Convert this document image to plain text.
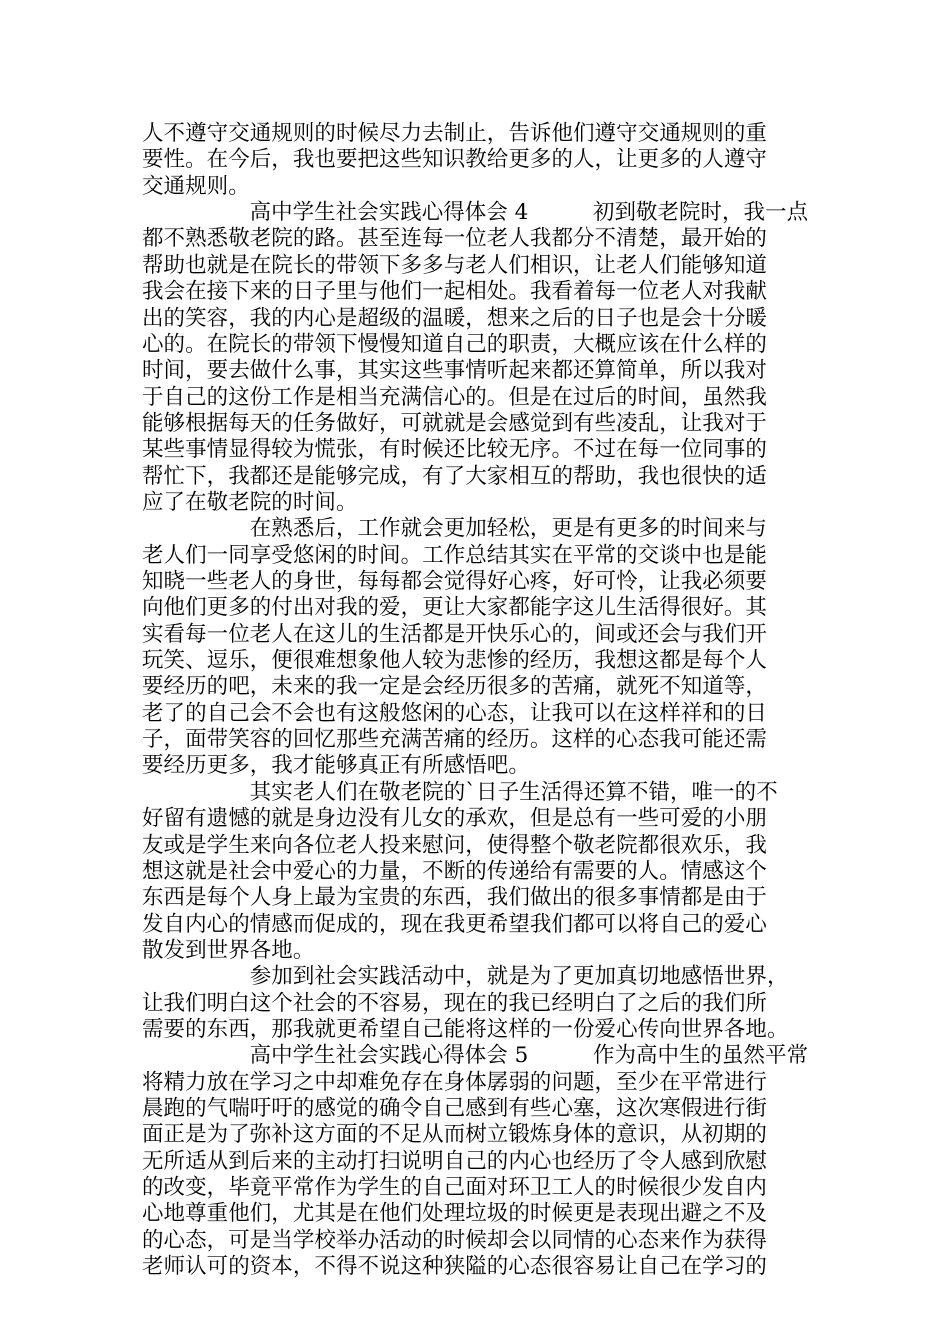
人不遵守交通规则的时候尽力去制止，告诉他们遵守交通规则的重
要性。在今后，我也要把这些知识教给更多的人，让更多的人遵守
交通规则。
　　　　　高中学生社会实践心得体会 4　　　初到敬老院时，我一点
都不熟悉敬老院的路。甚至连每一位老人我都分不清楚，最开始的
帮助也就是在院长的带领下多多与老人们相识，让老人们能够知道
我会在接下来的日子里与他们一起相处。我看着每一位老人对我献
出的笑容，我的内心是超级的温暖，想来之后的日子也是会十分暖
心的。在院长的带领下慢慢知道自己的职责，大概应该在什么样的
时间，要去做什么事，其实这些事情听起来都还算简单，所以我对
于自己的这份工作是相当充满信心的。但是在过后的时间，虽然我
能够根据每天的任务做好，可就就是会感觉到有些凌乱，让我对于
某些事情显得较为慌张，有时候还比较无序。不过在每一位同事的
帮忙下，我都还是能够完成，有了大家相互的帮助，我也很快的适
应了在敬老院的时间。
　　　　　在熟悉后，工作就会更加轻松，更是有更多的时间来与
老人们一同享受悠闲的时间。工作总结其实在平常的交谈中也是能
知晓一些老人的身世，每每都会觉得好心疼，好可怜，让我必须要
向他们更多的付出对我的爱，更让大家都能字这儿生活得很好。其
实看每一位老人在这儿的生活都是开快乐心的，间或还会与我们开
玩笑、逗乐，便很难想象他人较为悲惨的经历，我想这都是每个人
要经历的吧，未来的我一定是会经历很多的苦痛，就死不知道等，
老了的自己会不会也有这般悠闲的心态，让我可以在这样祥和的日
子，面带笑容的回忆那些充满苦痛的经历。这样的心态我可能还需
要经历更多，我才能够真正有所感悟吧。
　　　　　其实老人们在敬老院的`日子生活得还算不错，唯一的不
好留有遗憾的就是身边没有儿女的承欢，但是总有一些可爱的小朋
友或是学生来向各位老人投来慰问，使得整个敬老院都很欢乐，我
想这就是社会中爱心的力量，不断的传递给有需要的人。情感这个
东西是每个人身上最为宝贵的东西，我们做出的很多事情都是由于
发自内心的情感而促成的，现在我更希望我们都可以将自己的爱心
散发到世界各地。
　　　　　参加到社会实践活动中，就是为了更加真切地感悟世界，
让我们明白这个社会的不容易，现在的我已经明白了之后的我们所
需要的东西，那我就更希望自己能将这样的一份爱心传向世界各地。
　　　　　高中学生社会实践心得体会 5　　　作为高中生的虽然平常
将精力放在学习之中却难免存在身体孱弱的问题，至少在平常进行
晨跑的气喘吁吁的感觉的确令自己感到有些心塞，这次寒假进行街
面正是为了弥补这方面的不足从而树立锻炼身体的意识，从初期的
无所适从到后来的主动打扫说明自己的内心也经历了令人感到欣慰
的改变，毕竟平常作为学生的自己面对环卫工人的时候很少发自内
心地尊重他们，尤其是在他们处理垃圾的时候更是表现出避之不及
的心态，可是当学校举办活动的时候却会以同情的心态来作为获得
老师认可的资本，不得不说这种狭隘的心态很容易让自己在学习的
